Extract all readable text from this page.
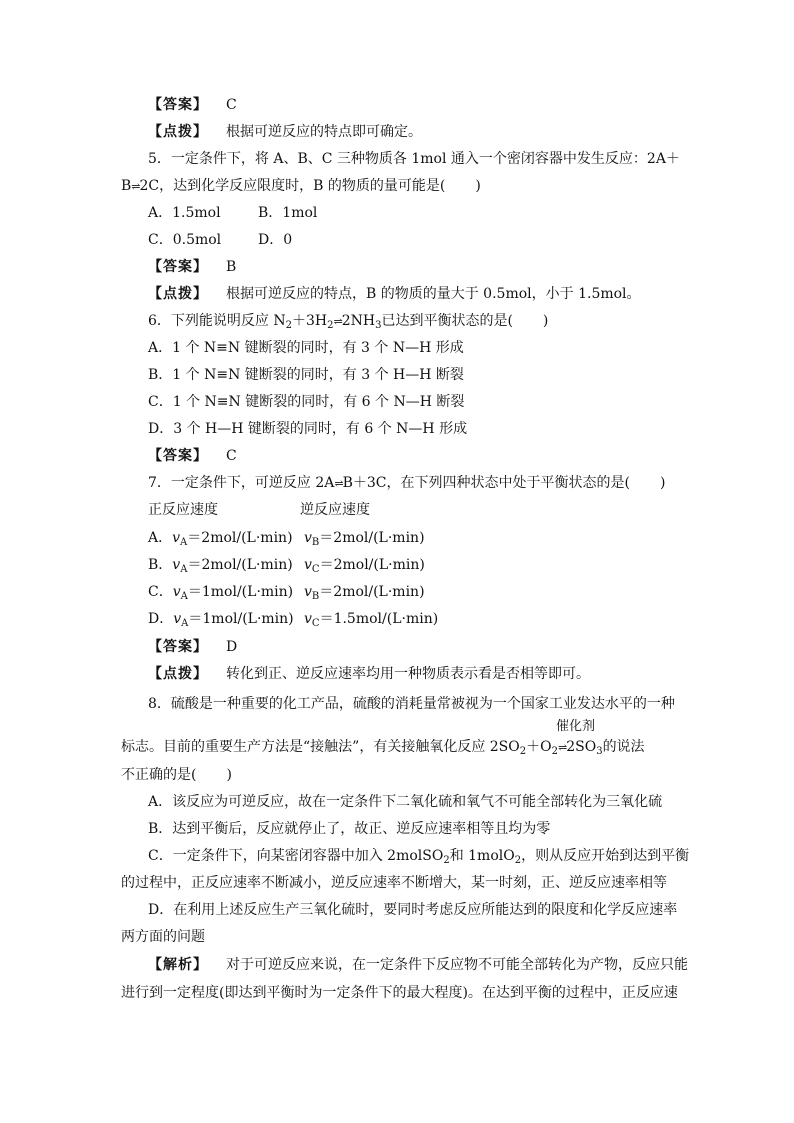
【答案】 C
【点拨】 根据可逆反应的特点即可确定。
5．一定条件下，将 A、B、C 三种物质各 1mol 通入一个密闭容器中发生反应：2A＋
B⇌2C，达到化学反应限度时，B 的物质的量可能是( )
A．1.5mol	B．1mol
C．0.5mol	D．0
【答案】 B
【点拨】 根据可逆反应的特点，B 的物质的量大于 0.5mol，小于 1.5mol。
6．下列能说明反应 $N_2+3H_2\rightleftharpoons 2NH_3$已达到平衡状态的是( )
A．1 个 N≡N 键断裂的同时，有 3 个 N—H 形成
B．1 个 N≡N 键断裂的同时，有 3 个 H—H 断裂
C．1 个 N≡N 键断裂的同时，有 6 个 N—H 断裂
D．3 个 H—H 键断裂的同时，有 6 个 N—H 形成
【答案】 C
7．一定条件下，可逆反应 2A⇌B＋3C，在下列四种状态中处于平衡状态的是( )
正反应速度	逆反应速度
A．$v_A=2mol/(L\cdot\min)$ $v_B=2mol/(L\cdot\min)$
B．$v_A=2mol/(L\cdot\min)$ $v_C=2mol/(L\cdot\min)$
C．$v_A=1mol/(L\cdot\min)$ $v_B=2mol/(L\cdot\min)$
D．$v_A=1mol/(L\cdot\min)$ $v_C=1.5mol/(L\cdot\min)$
【答案】 D
【点拨】 转化到正、逆反应速率均用一种物质表示看是否相等即可。
8．硫酸是一种重要的化工产品，硫酸的消耗量常被视为一个国家工业发达水平的一种
催化剂
标志。目前的重要生产方法是“接触法”，有关接触氧化反应 $2SO_2+O_2\rightleftharpoons 2SO_3$的说法
不正确的是( )
A．该反应为可逆反应，故在一定条件下二氧化硫和氧气不可能全部转化为三氧化硫
B．达到平衡后，反应就停止了，故正、逆反应速率相等且均为零
C．一定条件下，向某密闭容器中加入 2molSO$_2$和 1molO$_2$，则从反应开始到达到平衡
的过程中，正反应速率不断减小，逆反应速率不断增大，某一时刻，正、逆反应速率相等
D．在利用上述反应生产三氧化硫时，要同时考虑反应所能达到的限度和化学反应速率
两方面的问题
【解析】 对于可逆反应来说，在一定条件下反应物不可能全部转化为产物，反应只能
进行到一定程度(即达到平衡时为一定条件下的最大程度)。在达到平衡的过程中，正反应速
